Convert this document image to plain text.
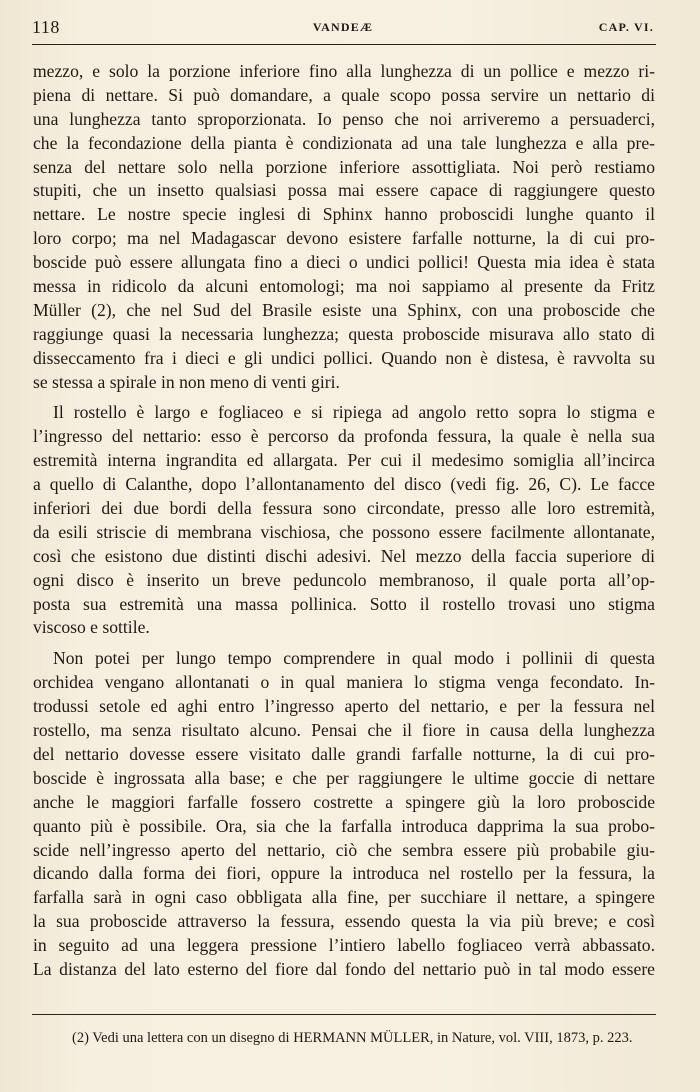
118	VANDEÆ	CAP. VI.
mezzo, e solo la porzione inferiore fino alla lunghezza di un pollice e mezzo ri-
piena di nettare. Si può domandare, a quale scopo possa servire un nettario di
una lunghezza tanto sproporzionata. Io penso che noi arriveremo a persuaderci,
che la fecondazione della pianta è condizionata ad una tale lunghezza e alla pre-
senza del nettare solo nella porzione inferiore assottigliata. Noi però restiamo
stupiti, che un insetto qualsiasi possa mai essere capace di raggiungere questo
nettare. Le nostre specie inglesi di Sphinx hanno proboscidi lunghe quanto il
loro corpo; ma nel Madagascar devono esistere farfalle notturne, la di cui pro-
boscide può essere allungata fino a dieci o undici pollici! Questa mia idea è stata
messa in ridicolo da alcuni entomologi; ma noi sappiamo al presente da Fritz
Müller (2), che nel Sud del Brasile esiste una Sphinx, con una proboscide che
raggiunge quasi la necessaria lunghezza; questa proboscide misurava allo stato di
disseccamento fra i dieci e gli undici pollici. Quando non è distesa, è ravvolta su
se stessa a spirale in non meno di venti giri.
Il rostello è largo e fogliaceo e si ripiega ad angolo retto sopra lo stigma e
l’ingresso del nettario: esso è percorso da profonda fessura, la quale è nella sua
estremità interna ingrandita ed allargata. Per cui il medesimo somiglia all’incirca
a quello di Calanthe, dopo l’allontanamento del disco (vedi fig. 26, C). Le facce
inferiori dei due bordi della fessura sono circondate, presso alle loro estremità,
da esili striscie di membrana vischiosa, che possono essere facilmente allontanate,
così che esistono due distinti dischi adesivi. Nel mezzo della faccia superiore di
ogni disco è inserito un breve peduncolo membranoso, il quale porta all’op-
posta sua estremità una massa pollinica. Sotto il rostello trovasi uno stigma
viscoso e sottile.
Non potei per lungo tempo comprendere in qual modo i pollinii di questa
orchidea vengano allontanati o in qual maniera lo stigma venga fecondato. In-
trodussi setole ed aghi entro l’ingresso aperto del nettario, e per la fessura nel
rostello, ma senza risultato alcuno. Pensai che il fiore in causa della lunghezza
del nettario dovesse essere visitato dalle grandi farfalle notturne, la di cui pro-
boscide è ingrossata alla base; e che per raggiungere le ultime goccie di nettare
anche le maggiori farfalle fossero costrette a spingere giù la loro proboscide
quanto più è possibile. Ora, sia che la farfalla introduca dapprima la sua probo-
scide nell’ingresso aperto del nettario, ciò che sembra essere più probabile giu-
dicando dalla forma dei fiori, oppure la introduca nel rostello per la fessura, la
farfalla sarà in ogni caso obbligata alla fine, per succhiare il nettare, a spingere
la sua proboscide attraverso la fessura, essendo questa la via più breve; e così
in seguito ad una leggera pressione l’intiero labello fogliaceo verrà abbassato.
La distanza del lato esterno del fiore dal fondo del nettario può in tal modo essere
(2) Vedi una lettera con un disegno di HERMANN MÜLLER, in Nature, vol. VIII, 1873, p. 223.
